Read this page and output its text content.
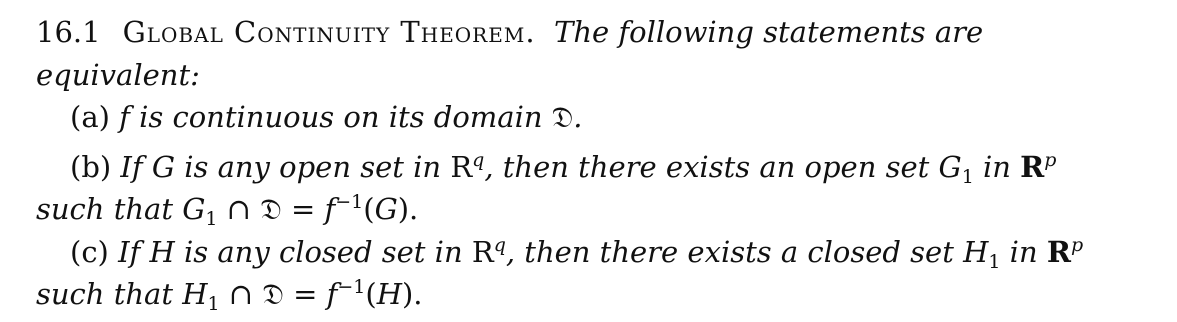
16.1 Global Continuity Theorem. The following statements are
equivalent:
(a) f is continuous on its domain 𝔇.
(b) If G is any open set in $R^q$, then there exists an open set $G_1$ in $R^p$
such that $G_1$ ∩ 𝔇 = $f^{-1}(G)$.
(c) If H is any closed set in $R^q$, then there exists a closed set $H_1$ in $R^p$
such that $H_1$ ∩ 𝔇 = $f^{-1}(H)$.
